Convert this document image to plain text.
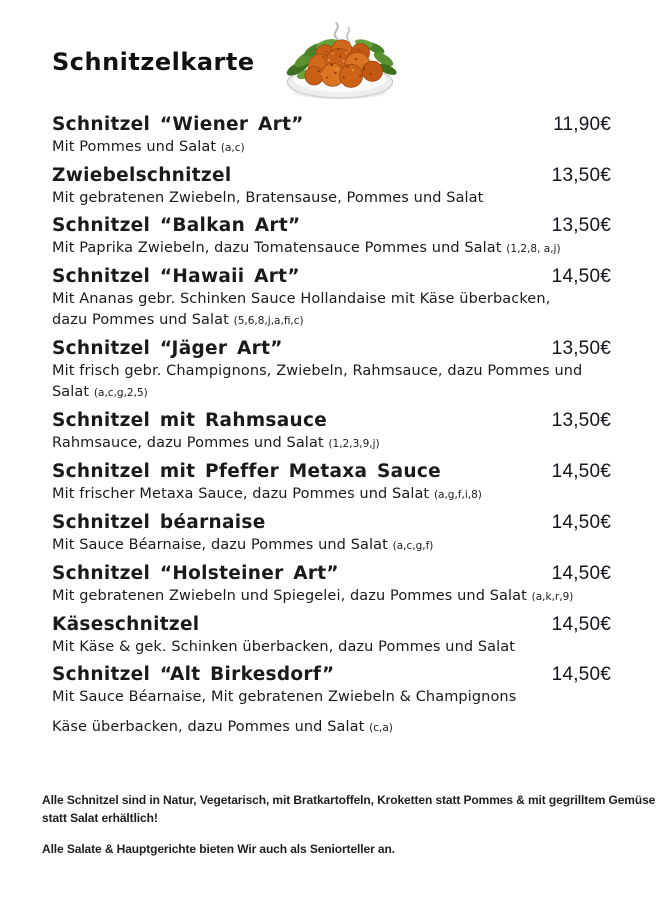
Schnitzelkarte
Schnitzel “Wiener Art”	11,90€

Mit Pommes und Salat (a,c)

Zwiebelschnitzel	13,50€

Mit gebratenen Zwiebeln, Bratensause, Pommes und Salat

Schnitzel “Balkan Art”	13,50€

Mit Paprika Zwiebeln, dazu Tomatensauce Pommes und Salat (1,2,8, a,j)

Schnitzel “Hawaii Art”	14,50€

Mit Ananas gebr. Schinken Sauce Hollandaise mit Käse überbacken,
dazu Pommes und Salat (5,6,8,j,a,fi,c)

Schnitzel “Jäger Art”	13,50€

Mit frisch gebr. Champignons, Zwiebeln, Rahmsauce, dazu Pommes und
Salat (a,c,g,2,5)

Schnitzel mit Rahmsauce	13,50€

Rahmsauce, dazu Pommes und Salat (1,2,3,9,j)

Schnitzel mit Pfeffer Metaxa Sauce	14,50€

Mit frischer Metaxa Sauce, dazu Pommes und Salat (a,g,f,i,8)

Schnitzel béarnaise	14,50€

Mit Sauce Béarnaise, dazu Pommes und Salat (a,c,g,f)

Schnitzel “Holsteiner Art”	14,50€

Mit gebratenen Zwiebeln und Spiegelei, dazu Pommes und Salat (a,k,r,9)

Käseschnitzel	14,50€

Mit Käse & gek. Schinken überbacken, dazu Pommes und Salat

Schnitzel “Alt Birkesdorf”	14,50€

Mit Sauce Béarnaise, Mit gebratenen Zwiebeln & Champignons
Käse überbacken, dazu Pommes und Salat (c,a)

Alle Schnitzel sind in Natur, Vegetarisch, mit Bratkartoffeln, Kroketten statt Pommes & mit gegrilltem Gemüse
statt Salat erhältlich!

Alle Salate & Hauptgerichte bieten Wir auch als Seniorteller an.
